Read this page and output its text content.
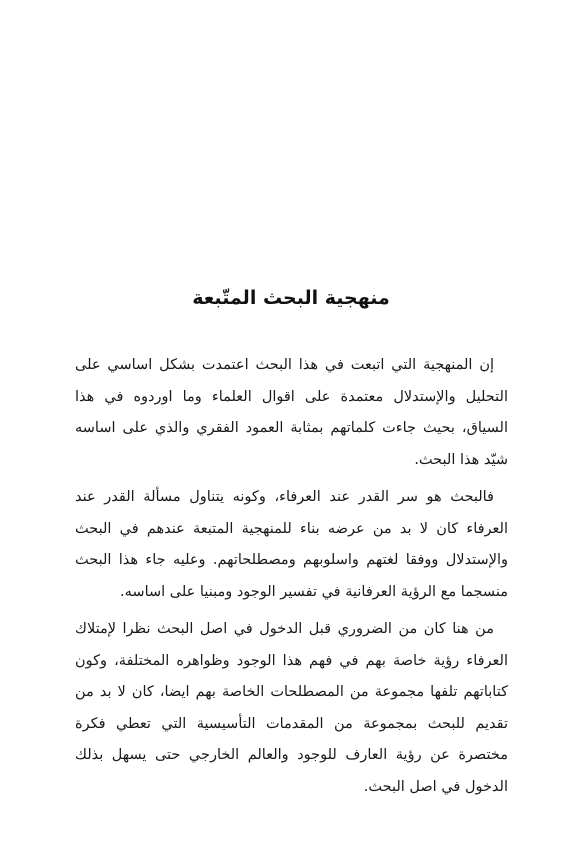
منهجية البحث المتّبعة

إن المنهجية التي اتبعت في هذا البحث اعتمدت بشكل اساسي على التحليل والإستدلال معتمدة على اقوال العلماء وما اوردوه في هذا السياق، بحيث جاءت كلماتهم بمثابة العمود الفقري والذي على اساسه شيّد هذا البحث.

فالبحث هو سر القدر عند العرفاء، وكونه يتناول مسألة القدر عند العرفاء كان لا بد من عرضه بناء للمنهجية المتبعة عندهم في البحث والإستدلال ووفقا لغتهم واسلوبهم ومصطلحاتهم. وعليه جاء هذا البحث منسجما مع الرؤية العرفانية في تفسير الوجود ومبنيا على اساسه.

من هنا كان من الضروري قبل الدخول في اصل البحث نظرا لإمتلاك العرفاء رؤية خاصة بهم في فهم هذا الوجود وظواهره المختلفة، وكون كتاباتهم تلفها مجموعة من المصطلحات الخاصة بهم ايضا، كان لا بد من تقديم للبحث بمجموعة من المقدمات التأسيسية التي تعطي فكرة مختصرة عن رؤية العارف للوجود والعالم الخارجي حتى يسهل بذلك الدخول في اصل البحث.
